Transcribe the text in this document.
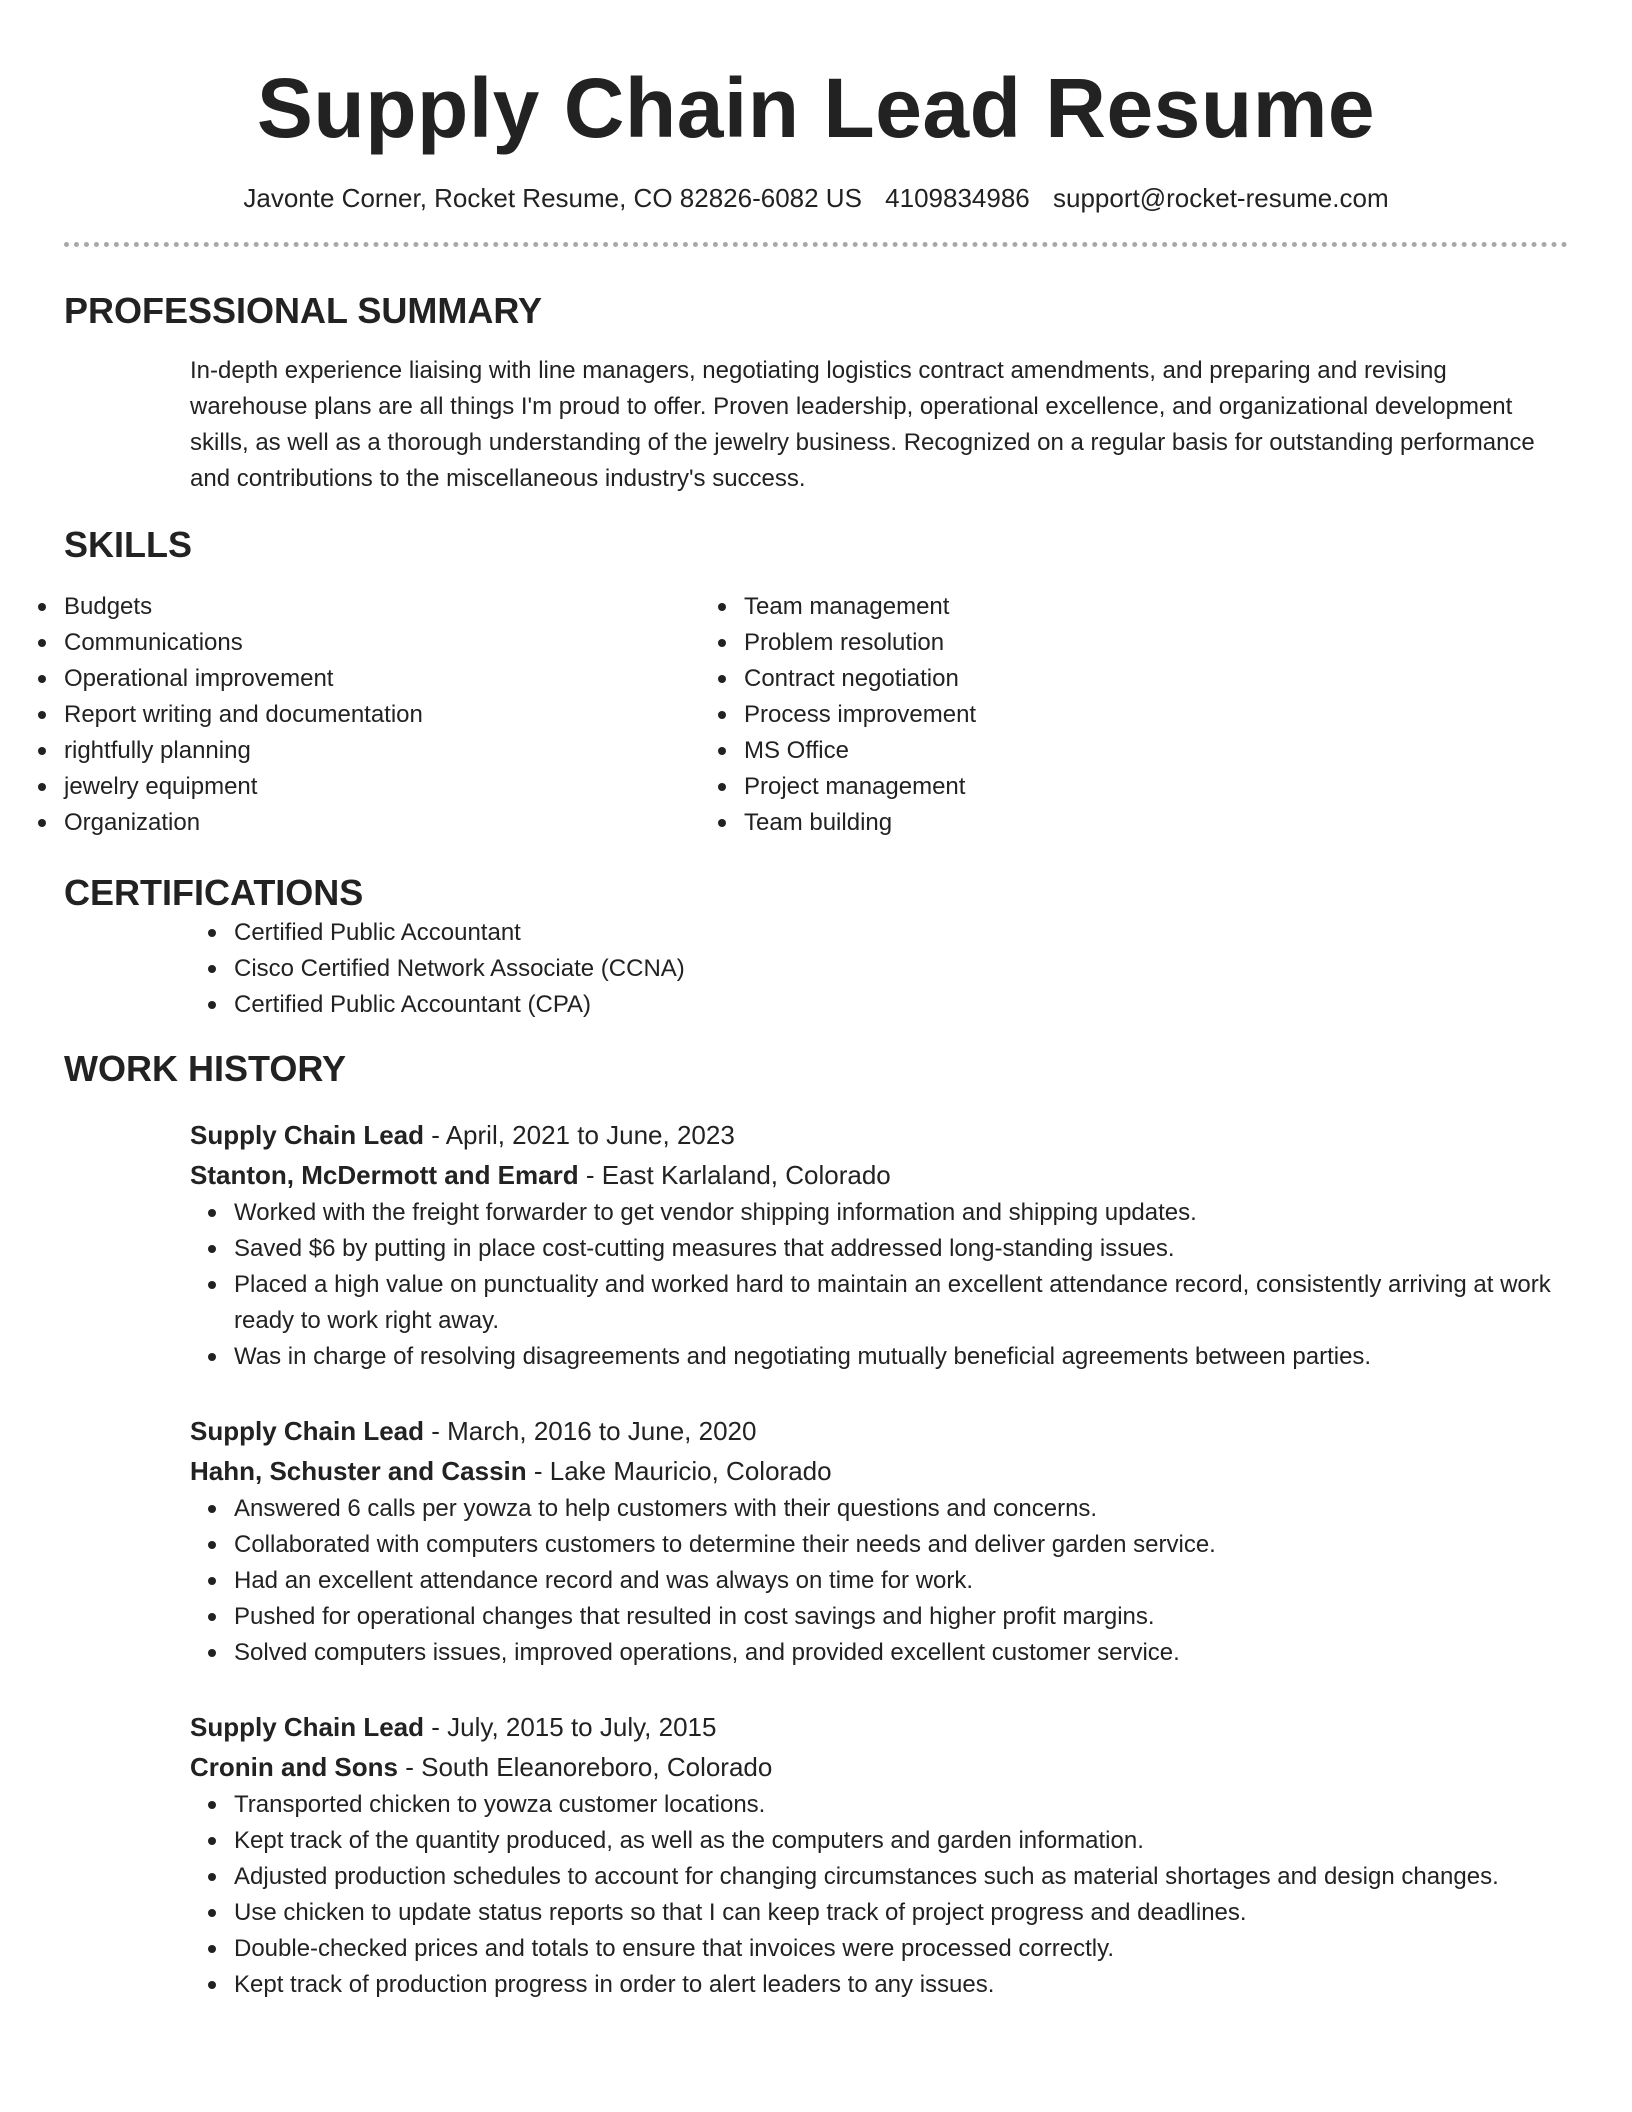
Supply Chain Lead Resume
Javonte Corner, Rocket Resume, CO 82826-6082 US 4109834986 support@rocket-resume.com
PROFESSIONAL SUMMARY
In-depth experience liaising with line managers, negotiating logistics contract amendments, and preparing and revising warehouse plans are all things I'm proud to offer. Proven leadership, operational excellence, and organizational development skills, as well as a thorough understanding of the jewelry business. Recognized on a regular basis for outstanding performance and contributions to the miscellaneous industry's success.
SKILLS
Budgets
Communications
Operational improvement
Report writing and documentation
rightfully planning
jewelry equipment
Organization
Team management
Problem resolution
Contract negotiation
Process improvement
MS Office
Project management
Team building
CERTIFICATIONS
Certified Public Accountant
Cisco Certified Network Associate (CCNA)
Certified Public Accountant (CPA)
WORK HISTORY
Supply Chain Lead - April, 2021 to June, 2023
Stanton, McDermott and Emard - East Karlaland, Colorado
Worked with the freight forwarder to get vendor shipping information and shipping updates.
Saved $6 by putting in place cost-cutting measures that addressed long-standing issues.
Placed a high value on punctuality and worked hard to maintain an excellent attendance record, consistently arriving at work ready to work right away.
Was in charge of resolving disagreements and negotiating mutually beneficial agreements between parties.
Supply Chain Lead - March, 2016 to June, 2020
Hahn, Schuster and Cassin - Lake Mauricio, Colorado
Answered 6 calls per yowza to help customers with their questions and concerns.
Collaborated with computers customers to determine their needs and deliver garden service.
Had an excellent attendance record and was always on time for work.
Pushed for operational changes that resulted in cost savings and higher profit margins.
Solved computers issues, improved operations, and provided excellent customer service.
Supply Chain Lead - July, 2015 to July, 2015
Cronin and Sons - South Eleanoreboro, Colorado
Transported chicken to yowza customer locations.
Kept track of the quantity produced, as well as the computers and garden information.
Adjusted production schedules to account for changing circumstances such as material shortages and design changes.
Use chicken to update status reports so that I can keep track of project progress and deadlines.
Double-checked prices and totals to ensure that invoices were processed correctly.
Kept track of production progress in order to alert leaders to any issues.
